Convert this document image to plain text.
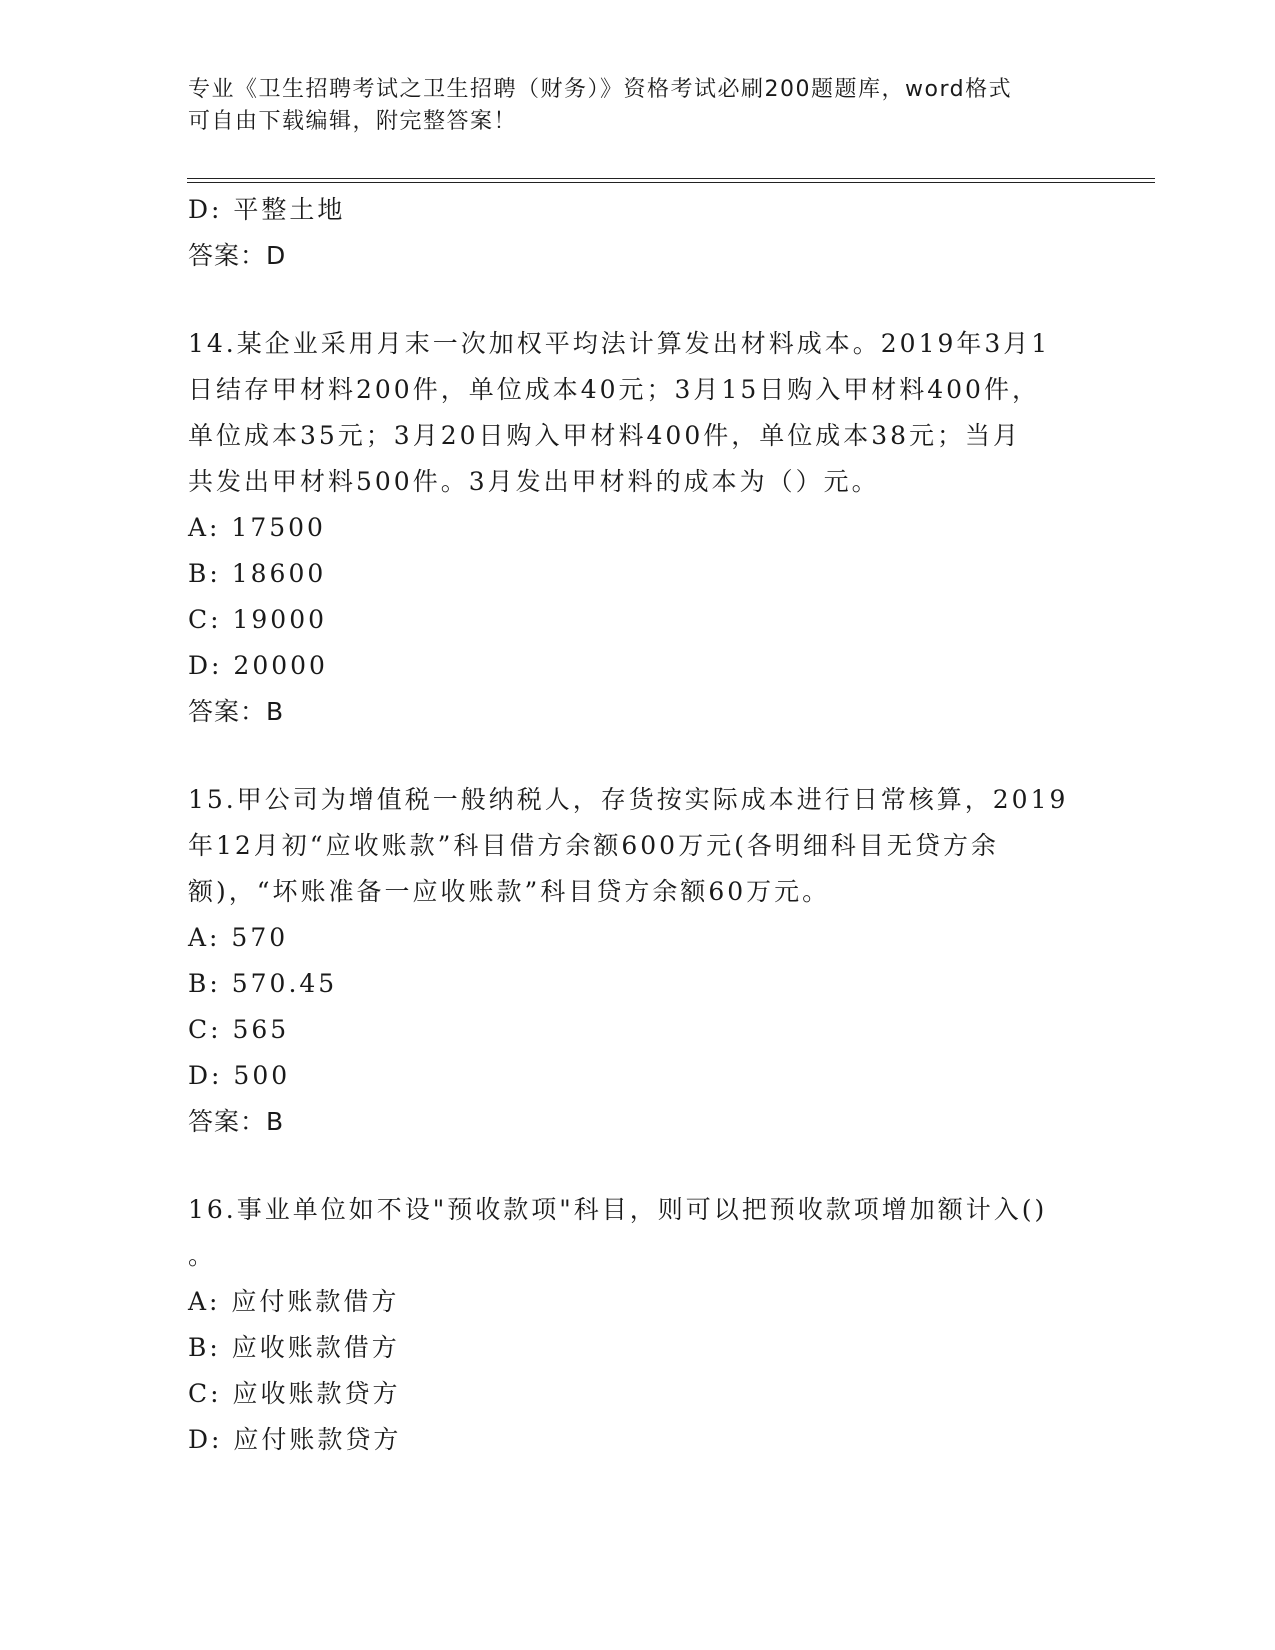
专业《卫生招聘考试之卫生招聘（财务）》资格考试必刷200题题库，word格式
可自由下载编辑，附完整答案！
D: 平整土地
答案：D
14.某企业采用月末一次加权平均法计算发出材料成本。2019年3月1
日结存甲材料200件，单位成本40元；3月15日购入甲材料400件，
单位成本35元；3月20日购入甲材料400件，单位成本38元；当月
共发出甲材料500件。3月发出甲材料的成本为（）元。
A: 17500
B: 18600
C: 19000
D: 20000
答案：B
15.甲公司为增值税一般纳税人，存货按实际成本进行日常核算，2019
年12月初“应收账款”科目借方余额600万元(各明细科目无贷方余
额)，“坏账准备一应收账款”科目贷方余额60万元。
A: 570
B: 570.45
C: 565
D: 500
答案：B
16.事业单位如不设"预收款项"科目，则可以把预收款项增加额计入()
。
A: 应付账款借方
B: 应收账款借方
C: 应收账款贷方
D: 应付账款贷方
